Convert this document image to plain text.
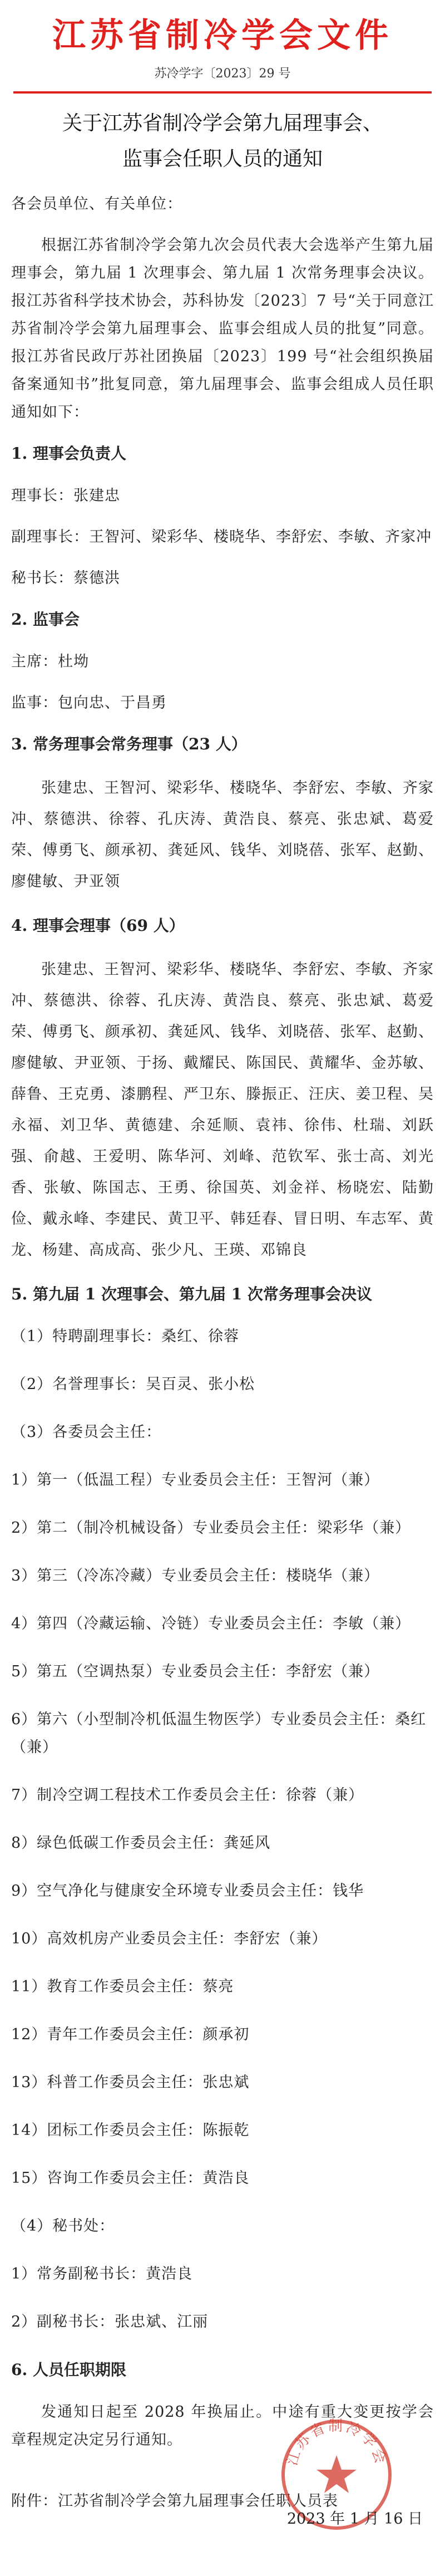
江苏省制冷学会文件
苏冷学字〔2023〕29 号
关于江苏省制冷学会第九届理事会、
监事会任职人员的通知
各会员单位、有关单位：
根据江苏省制冷学会第九次会员代表大会选举产生第九届理事会，第九届 1 次理事会、第九届 1 次常务理事会决议。报江苏省科学技术协会，苏科协发〔2023〕7 号“关于同意江苏省制冷学会第九届理事会、监事会组成人员的批复”同意。报江苏省民政厅苏社团换届〔2023〕199 号“社会组织换届备案通知书”批复同意，第九届理事会、监事会组成人员任职通知如下：
1. 理事会负责人
理事长：张建忠
副理事长：王智河、梁彩华、楼晓华、李舒宏、李敏、齐家冲
秘书长：蔡德洪
2. 监事会
主席：杜坳
监事：包向忠、于昌勇
3. 常务理事会常务理事（23 人）
张建忠、王智河、梁彩华、楼晓华、李舒宏、李敏、齐家冲、蔡德洪、徐蓉、孔庆涛、黄浩良、蔡亮、张忠斌、葛爱荣、傅勇飞、颜承初、龚延风、钱华、刘晓蓓、张军、赵勤、廖健敏、尹亚领
4. 理事会理事（69 人）
张建忠、王智河、梁彩华、楼晓华、李舒宏、李敏、齐家冲、蔡德洪、徐蓉、孔庆涛、黄浩良、蔡亮、张忠斌、葛爱荣、傅勇飞、颜承初、龚延风、钱华、刘晓蓓、张军、赵勤、廖健敏、尹亚领、于扬、戴耀民、陈国民、黄耀华、金苏敏、薛鲁、王克勇、漆鹏程、严卫东、滕振正、汪庆、姜卫程、吴永福、刘卫华、黄德建、余延顺、袁祎、徐伟、杜瑞、刘跃强、俞越、王爱明、陈华河、刘峰、范钦军、张士高、刘光香、张敏、陈国志、王勇、徐国英、刘金祥、杨晓宏、陆勤俭、戴永峰、李建民、黄卫平、韩廷春、冒日明、车志军、黄龙、杨建、高成高、张少凡、王瑛、邓锦良
5. 第九届 1 次理事会、第九届 1 次常务理事会决议
（1）特聘副理事长：桑红、徐蓉
（2）名誉理事长：吴百灵、张小松
（3）各委员会主任：
1）第一（低温工程）专业委员会主任：王智河（兼）
2）第二（制冷机械设备）专业委员会主任：梁彩华（兼）
3）第三（冷冻冷藏）专业委员会主任：楼晓华（兼）
4）第四（冷藏运输、冷链）专业委员会主任：李敏（兼）
5）第五（空调热泵）专业委员会主任：李舒宏（兼）
6）第六（小型制冷机低温生物医学）专业委员会主任：桑红（兼）
7）制冷空调工程技术工作委员会主任：徐蓉（兼）
8）绿色低碳工作委员会主任：龚延风
9）空气净化与健康安全环境专业委员会主任：钱华
10）高效机房产业委员会主任：李舒宏（兼）
11）教育工作委员会主任：蔡亮
12）青年工作委员会主任：颜承初
13）科普工作委员会主任：张忠斌
14）团标工作委员会主任：陈振乾
15）咨询工作委员会主任：黄浩良
（4）秘书处：
1）常务副秘书长：黄浩良
2）副秘书长：张忠斌、江丽
6. 人员任职期限
发通知日起至 2028 年换届止。中途有重大变更按学会章程规定决定另行通知。
附件：江苏省制冷学会第九届理事会任职人员表
江苏省制冷学会
2023 年 1 月 16 日
